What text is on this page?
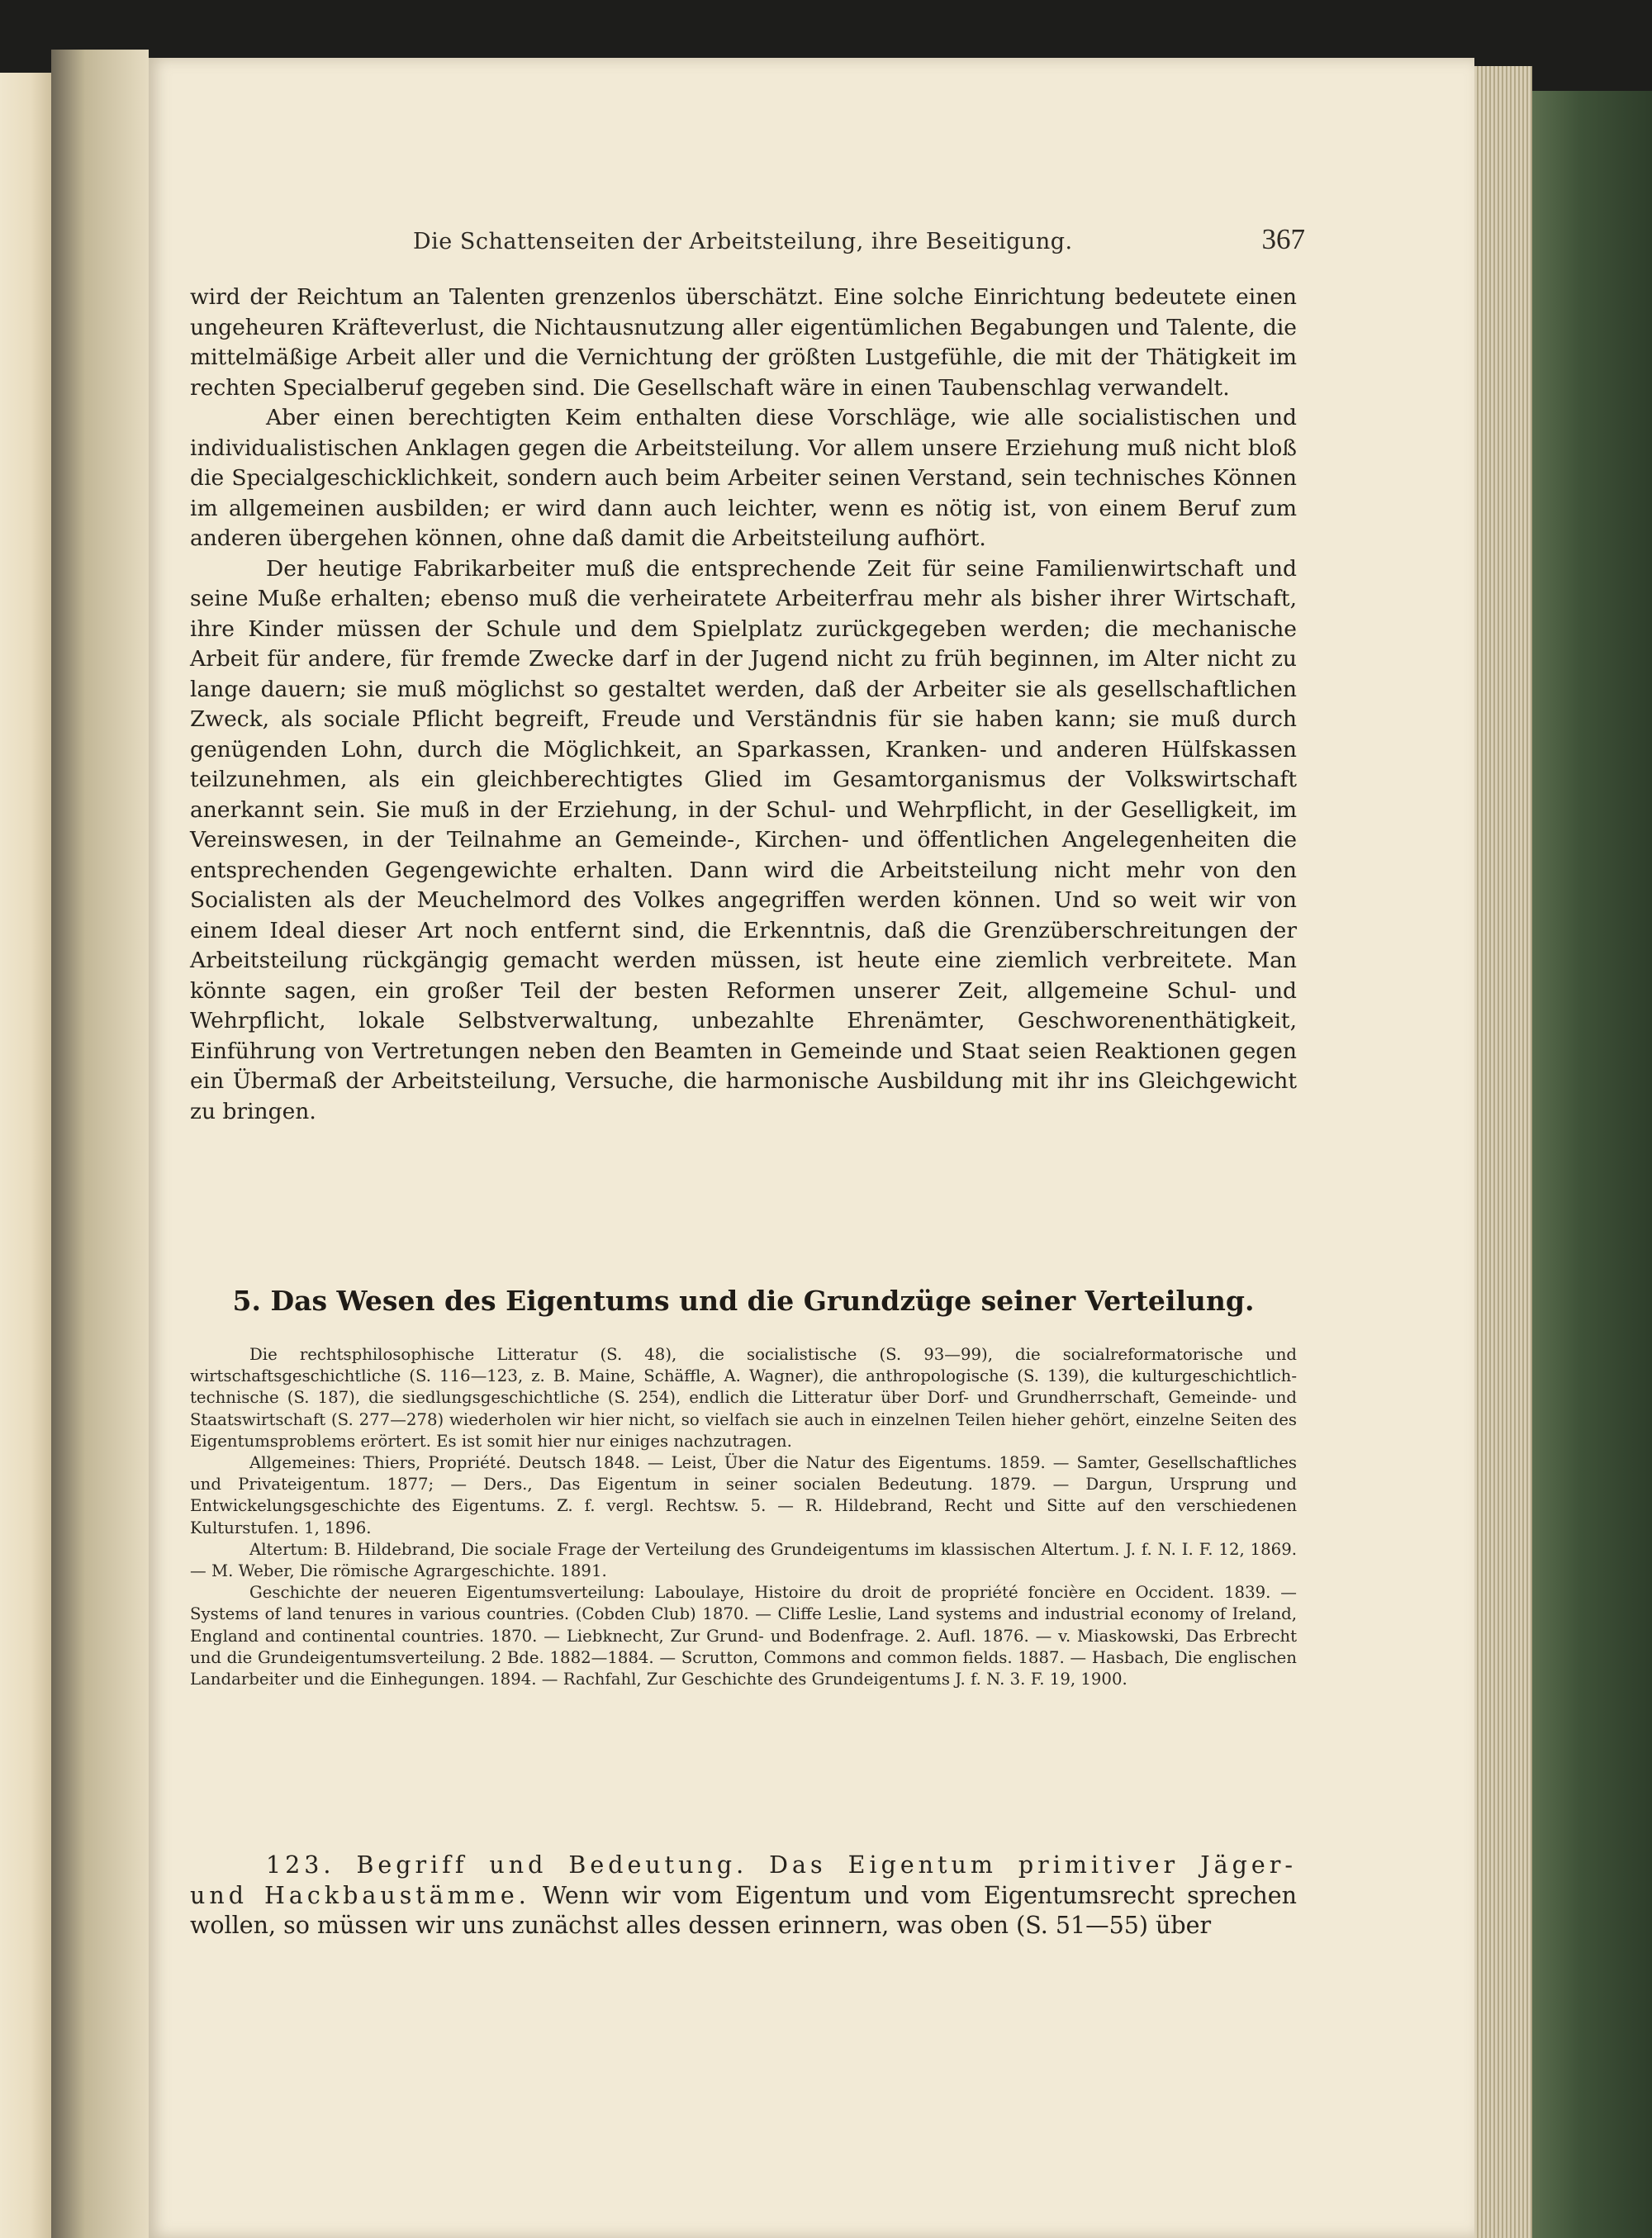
Die Schattenseiten der Arbeitsteilung, ihre Beseitigung.	367

wird der Reichtum an Talenten grenzenlos überschätzt. Eine solche Einrichtung bedeutete einen ungeheuren Kräfteverlust, die Nichtausnutzung aller eigentümlichen Begabungen und Talente, die mittelmäßige Arbeit aller und die Vernichtung der größten Lustgefühle, die mit der Thätigkeit im rechten Specialberuf gegeben sind. Die Gesellschaft wäre in einen Taubenschlag verwandelt.

Aber einen berechtigten Keim enthalten diese Vorschläge, wie alle socialistischen und individualistischen Anklagen gegen die Arbeitsteilung. Vor allem unsere Erziehung muß nicht bloß die Specialgeschicklichkeit, sondern auch beim Arbeiter seinen Verstand, sein technisches Können im allgemeinen ausbilden; er wird dann auch leichter, wenn es nötig ist, von einem Beruf zum anderen übergehen können, ohne daß damit die Arbeitsteilung aufhört.

Der heutige Fabrikarbeiter muß die entsprechende Zeit für seine Familienwirtschaft und seine Muße erhalten; ebenso muß die verheiratete Arbeiterfrau mehr als bisher ihrer Wirtschaft, ihre Kinder müssen der Schule und dem Spielplatz zurückgegeben werden; die mechanische Arbeit für andere, für fremde Zwecke darf in der Jugend nicht zu früh beginnen, im Alter nicht zu lange dauern; sie muß möglichst so gestaltet werden, daß der Arbeiter sie als gesellschaftlichen Zweck, als sociale Pflicht begreift, Freude und Verständnis für sie haben kann; sie muß durch genügenden Lohn, durch die Möglichkeit, an Sparkassen, Kranken- und anderen Hülfskassen teilzunehmen, als ein gleichberechtigtes Glied im Gesamtorganismus der Volkswirtschaft anerkannt sein. Sie muß in der Erziehung, in der Schul- und Wehrpflicht, in der Geselligkeit, im Vereinswesen, in der Teilnahme an Gemeinde-, Kirchen- und öffentlichen Angelegenheiten die entsprechenden Gegengewichte erhalten. Dann wird die Arbeitsteilung nicht mehr von den Socialisten als der Meuchelmord des Volkes angegriffen werden können. Und so weit wir von einem Ideal dieser Art noch entfernt sind, die Erkenntnis, daß die Grenzüberschreitungen der Arbeitsteilung rückgängig gemacht werden müssen, ist heute eine ziemlich verbreitete. Man könnte sagen, ein großer Teil der besten Reformen unserer Zeit, allgemeine Schul- und Wehrpflicht, lokale Selbstverwaltung, unbezahlte Ehrenämter, Geschworenenthätigkeit, Einführung von Vertretungen neben den Beamten in Gemeinde und Staat seien Reaktionen gegen ein Übermaß der Arbeitsteilung, Versuche, die harmonische Ausbildung mit ihr ins Gleichgewicht zu bringen.

5. Das Wesen des Eigentums und die Grundzüge seiner Verteilung.

Die rechtsphilosophische Litteratur (S. 48), die socialistische (S. 93—99), die socialreformatorische und wirtschaftsgeschichtliche (S. 116—123, z. B. Maine, Schäffle, A. Wagner), die anthropologische (S. 139), die kulturgeschichtlich-technische (S. 187), die siedlungsgeschichtliche (S. 254), endlich die Litteratur über Dorf- und Grundherrschaft, Gemeinde- und Staatswirtschaft (S. 277—278) wiederholen wir hier nicht, so vielfach sie auch in einzelnen Teilen hieher gehört, einzelne Seiten des Eigentumsproblems erörtert. Es ist somit hier nur einiges nachzutragen.

Allgemeines: Thiers, Propriété. Deutsch 1848. — Leist, Über die Natur des Eigentums. 1859. — Samter, Gesellschaftliches und Privateigentum. 1877; — Ders., Das Eigentum in seiner socialen Bedeutung. 1879. — Dargun, Ursprung und Entwickelungsgeschichte des Eigentums. Z. f. vergl. Rechtsw. 5. — R. Hildebrand, Recht und Sitte auf den verschiedenen Kulturstufen. 1, 1896.

Altertum: B. Hildebrand, Die sociale Frage der Verteilung des Grundeigentums im klassischen Altertum. J. f. N. I. F. 12, 1869. — M. Weber, Die römische Agrargeschichte. 1891.

Geschichte der neueren Eigentumsverteilung: Laboulaye, Histoire du droit de propriété foncière en Occident. 1839. — Systems of land tenures in various countries. (Cobden Club) 1870. — Cliffe Leslie, Land systems and industrial economy of Ireland, England and continental countries. 1870. — Liebknecht, Zur Grund- und Bodenfrage. 2. Aufl. 1876. — v. Miaskowski, Das Erbrecht und die Grundeigentumsverteilung. 2 Bde. 1882—1884. — Scrutton, Commons and common fields. 1887. — Hasbach, Die englischen Landarbeiter und die Einhegungen. 1894. — Rachfahl, Zur Geschichte des Grundeigentums J. f. N. 3. F. 19, 1900.

123. Begriff und Bedeutung. Das Eigentum primitiver Jäger- und Hackbaustämme. Wenn wir vom Eigentum und vom Eigentumsrecht sprechen wollen, so müssen wir uns zunächst alles dessen erinnern, was oben (S. 51—55) über
